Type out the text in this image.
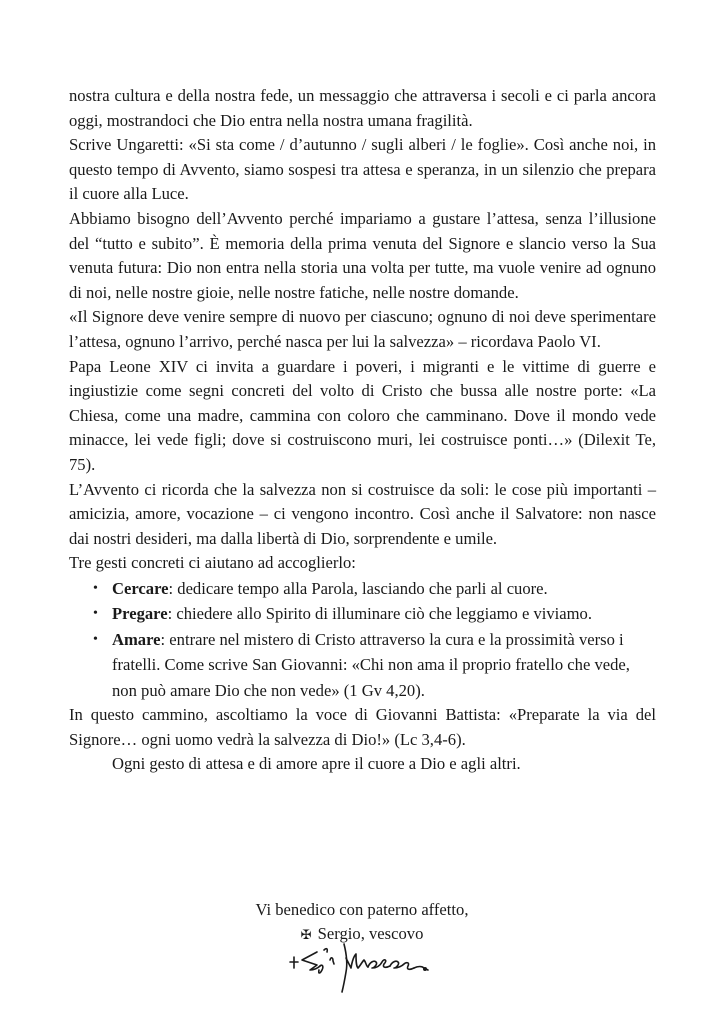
nostra cultura e della nostra fede, un messaggio che attraversa i secoli e ci parla ancora oggi, mostrandoci che Dio entra nella nostra umana fragilità.

Scrive Ungaretti: «Si sta come / d’autunno / sugli alberi / le foglie». Così anche noi, in questo tempo di Avvento, siamo sospesi tra attesa e speranza, in un silenzio che prepara il cuore alla Luce.

Abbiamo bisogno dell’Avvento perché impariamo a gustare l’attesa, senza l’illusione del “tutto e subito”. È memoria della prima venuta del Signore e slancio verso la Sua venuta futura: Dio non entra nella storia una volta per tutte, ma vuole venire ad ognuno di noi, nelle nostre gioie, nelle nostre fatiche, nelle nostre domande.

«Il Signore deve venire sempre di nuovo per ciascuno; ognuno di noi deve sperimentare l’attesa, ognuno l’arrivo, perché nasca per lui la salvezza» – ricordava Paolo VI.

Papa Leone XIV ci invita a guardare i poveri, i migranti e le vittime di guerre e ingiustizie come segni concreti del volto di Cristo che bussa alle nostre porte: «La Chiesa, come una madre, cammina con coloro che camminano. Dove il mondo vede minacce, lei vede figli; dove si costruiscono muri, lei costruisce ponti…» (Dilexit Te, 75).

L’Avvento ci ricorda che la salvezza non si costruisce da soli: le cose più importanti – amicizia, amore, vocazione – ci vengono incontro. Così anche il Salvatore: non nasce dai nostri desideri, ma dalla libertà di Dio, sorprendente e umile.

Tre gesti concreti ci aiutano ad accoglierlo:

• Cercare: dedicare tempo alla Parola, lasciando che parli al cuore.
• Pregare: chiedere allo Spirito di illuminare ciò che leggiamo e viviamo.
• Amare: entrare nel mistero di Cristo attraverso la cura e la prossimità verso i fratelli. Come scrive San Giovanni: «Chi non ama il proprio fratello che vede, non può amare Dio che non vede» (1 Gv 4,20).

In questo cammino, ascoltiamo la voce di Giovanni Battista: «Preparate la via del Signore… ogni uomo vedrà la salvezza di Dio!» (Lc 3,4-6).

Ogni gesto di attesa e di amore apre il cuore a Dio e agli altri.

Vi benedico con paterno affetto,
✠ Sergio, vescovo
